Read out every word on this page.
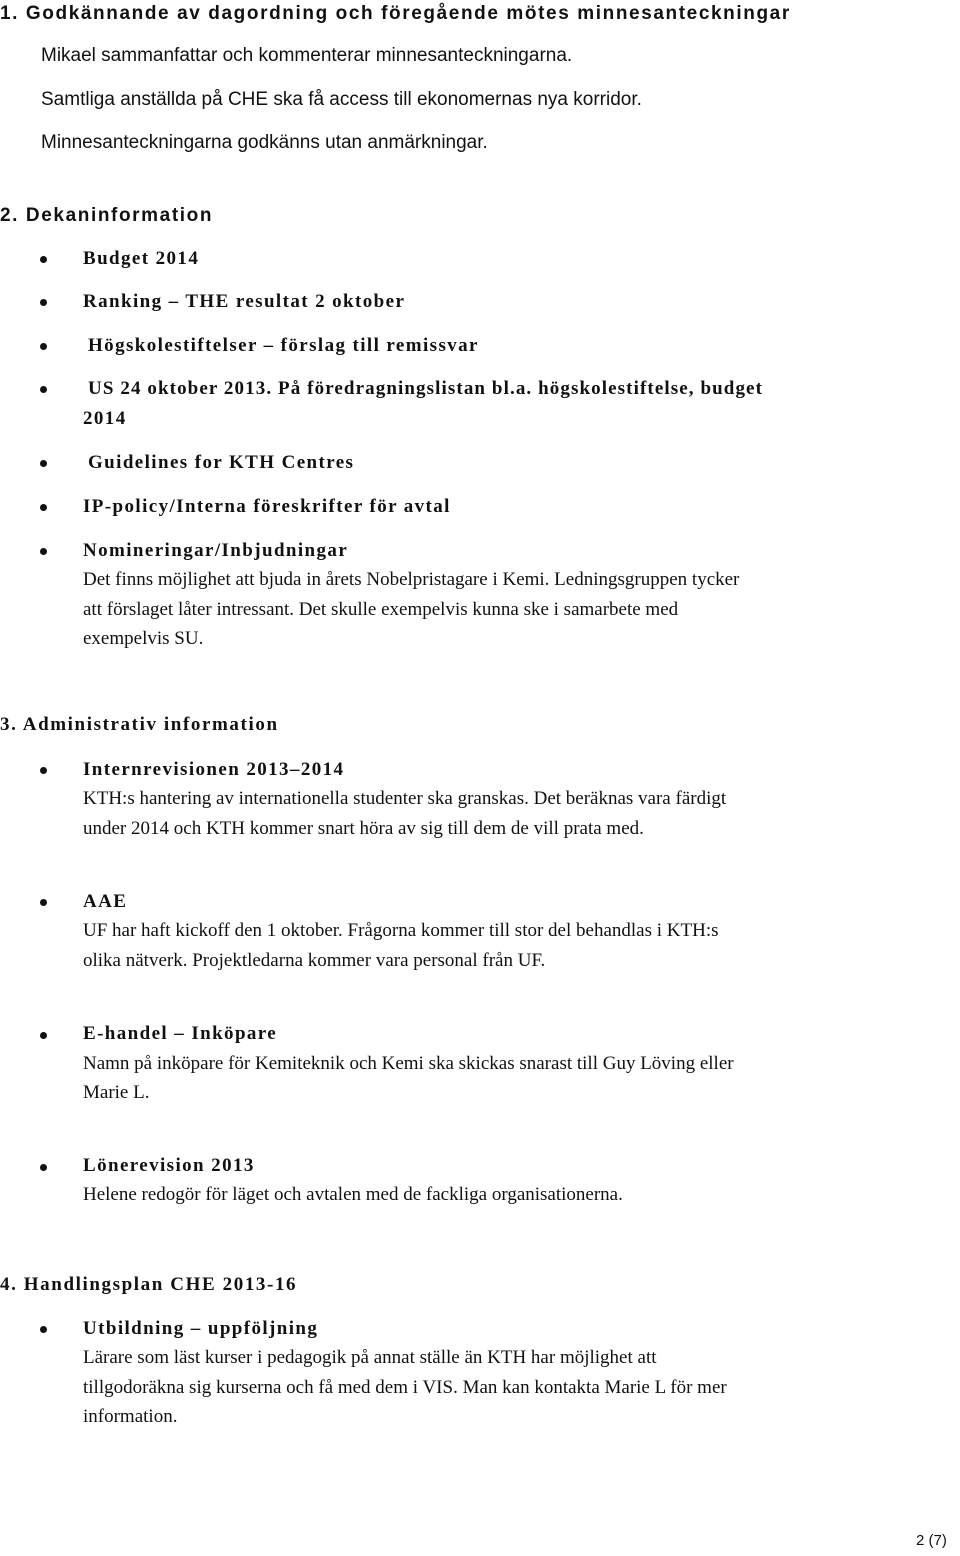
1. Godkännande av dagordning och föregående mötes minnesanteckningar
Mikael sammanfattar och kommenterar minnesanteckningarna.
Samtliga anställda på CHE ska få access till ekonomernas nya korridor.
Minnesanteckningarna godkänns utan anmärkningar.
2. Dekaninformation
Budget 2014
Ranking – THE resultat 2 oktober
Högskolestiftelser – förslag till remissvar
US 24 oktober 2013. På föredragningslistan bl.a. högskolestiftelse, budget
2014
Guidelines for KTH Centres
IP-policy/Interna föreskrifter för avtal
Nomineringar/Inbjudningar
Det finns möjlighet att bjuda in årets Nobelpristagare i Kemi. Ledningsgruppen tycker
att förslaget låter intressant. Det skulle exempelvis kunna ske i samarbete med
exempelvis SU.
3. Administrativ information
Internrevisionen 2013–2014
KTH:s hantering av internationella studenter ska granskas. Det beräknas vara färdigt
under 2014 och KTH kommer snart höra av sig till dem de vill prata med.
AAE
UF har haft kickoff den 1 oktober. Frågorna kommer till stor del behandlas i KTH:s
olika nätverk. Projektledarna kommer vara personal från UF.
E-handel – Inköpare
Namn på inköpare för Kemiteknik och Kemi ska skickas snarast till Guy Löving eller
Marie L.
Lönerevision 2013
Helene redogör för läget och avtalen med de fackliga organisationerna.
4. Handlingsplan CHE 2013-16
Utbildning – uppföljning
Lärare som läst kurser i pedagogik på annat ställe än KTH har möjlighet att
tillgodoräkna sig kurserna och få med dem i VIS. Man kan kontakta Marie L för mer
information.
2 (7)
